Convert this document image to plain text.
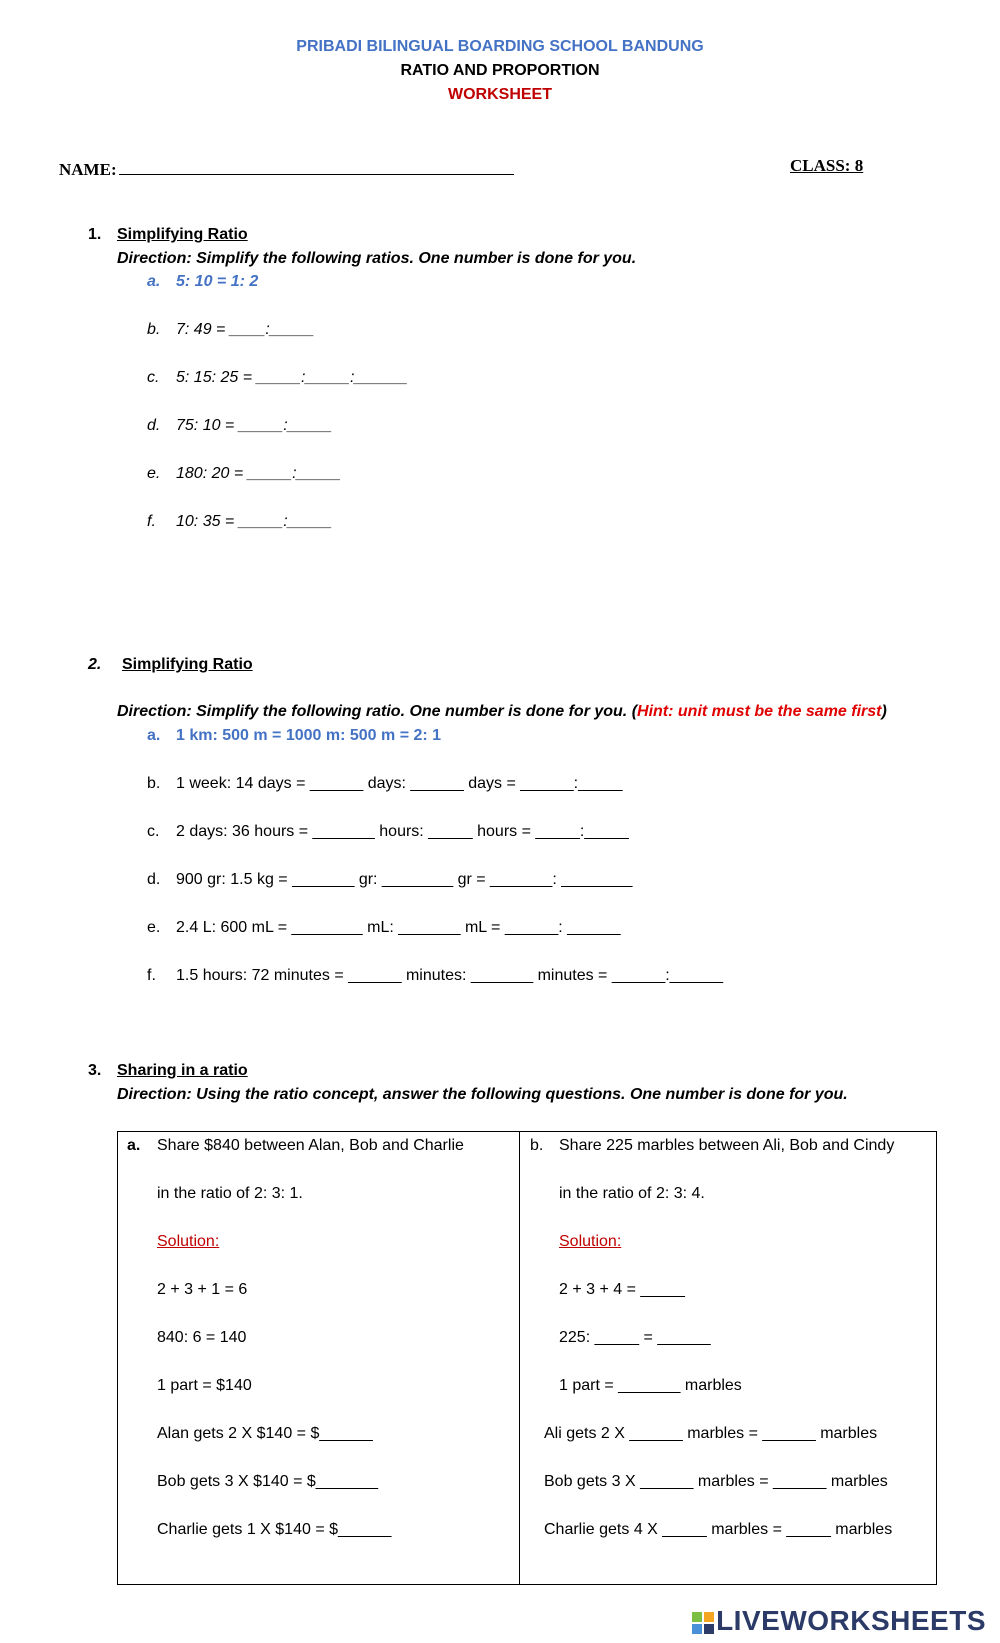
PRIBADI BILINGUAL BOARDING SCHOOL BANDUNG
RATIO AND PROPORTION
WORKSHEET
NAME:	CLASS: 8
1. Simplifying Ratio
Direction: Simplify the following ratios. One number is done for you.
a. 5: 10 = 1: 2
b. 7: 49 = ____:_____
c. 5: 15: 25 = _____:_____:______
d. 75: 10 = _____:_____
e. 180: 20 = _____:_____
f. 10: 35 = _____:_____
2. Simplifying Ratio
Direction: Simplify the following ratio. One number is done for you. (Hint: unit must be the same first)
a. 1 km: 500 m = 1000 m: 500 m = 2: 1
b. 1 week: 14 days = ______ days: ______ days = ______:_____
c. 2 days: 36 hours = _______ hours: _____ hours = _____:_____
d. 900 gr: 1.5 kg = _______ gr: ________ gr = _______: ________
e. 2.4 L: 600 mL = ________ mL: _______ mL = ______: ______
f. 1.5 hours: 72 minutes = ______ minutes: _______ minutes = ______:______
3. Sharing in a ratio
Direction: Using the ratio concept, answer the following questions. One number is done for you.
a. Share $840 between Alan, Bob and Charlie
in the ratio of 2: 3: 1.
Solution:
2 + 3 + 1 = 6
840: 6 = 140
1 part = $140
Alan gets 2 X $140 = $______
Bob gets 3 X $140 = $_______
Charlie gets 1 X $140 = $______
b. Share 225 marbles between Ali, Bob and Cindy
in the ratio of 2: 3: 4.
Solution:
2 + 3 + 4 = _____
225: _____ = ______
1 part = _______ marbles
Ali gets 2 X ______ marbles = ______ marbles
Bob gets 3 X ______ marbles = ______ marbles
Charlie gets 4 X _____ marbles = _____ marbles
LIVEWORKSHEETS
